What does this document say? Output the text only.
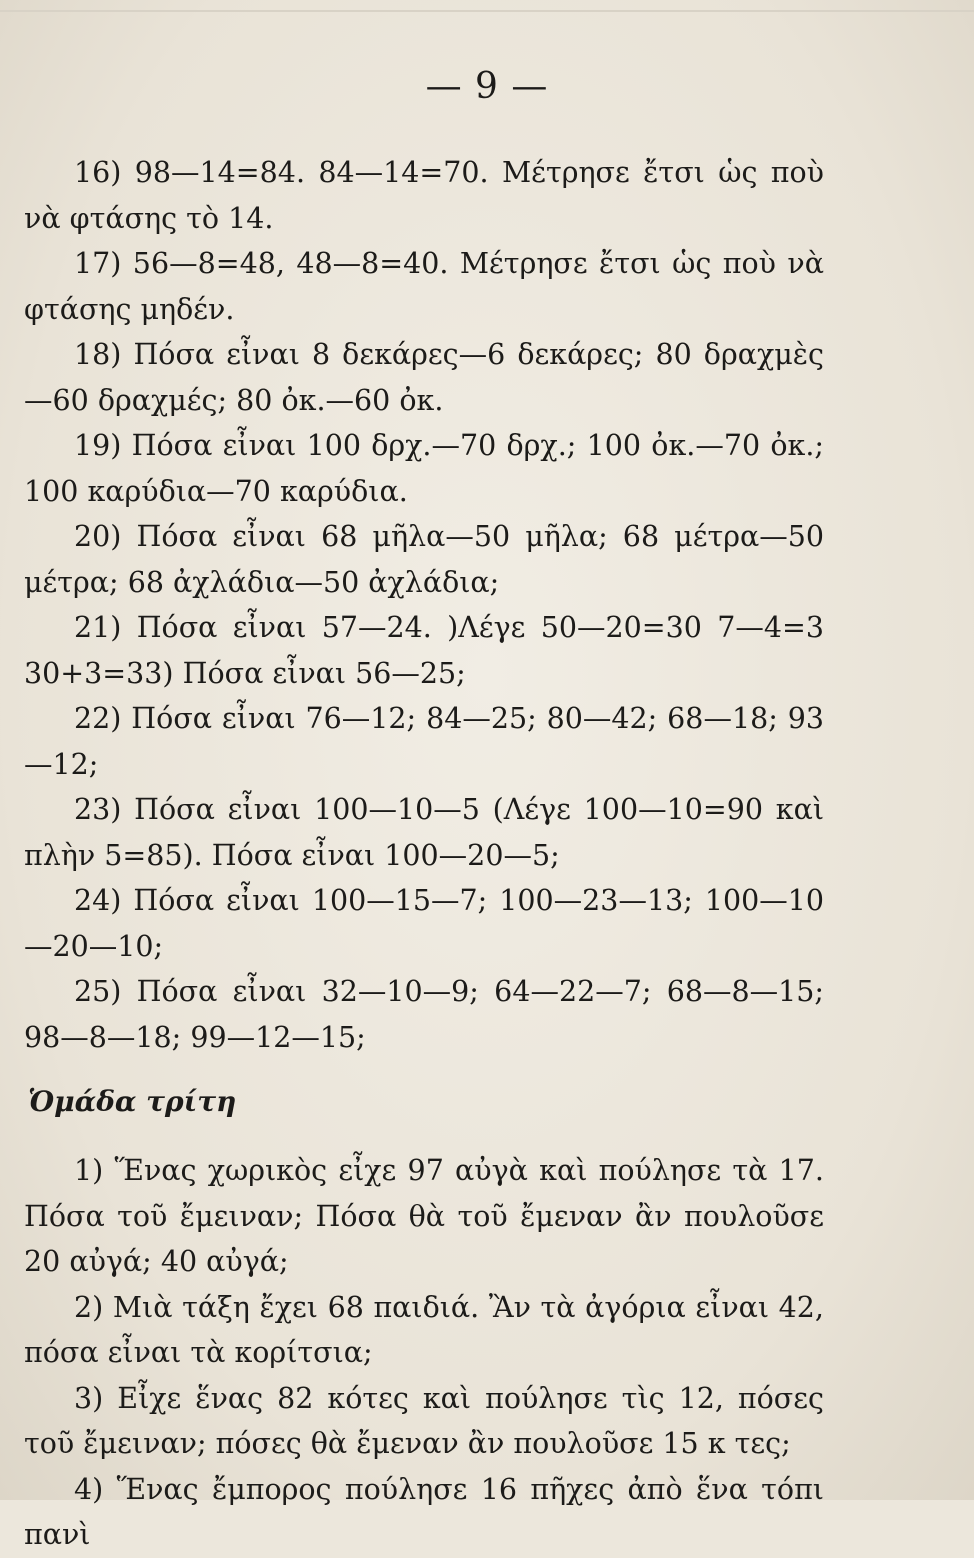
— 9 —

16) 98—14=84. 84—14=70. Μέτρησε ἔτσι ὡς ποὺ νὰ φτάσης τὸ 14.

17) 56—8=48, 48—8=40. Μέτρησε ἔτσι ὡς ποὺ νὰ φτάσης μηδέν.

18) Πόσα εἶναι 8 δεκάρες—6 δεκάρες; 80 δραχμὲς—60 δραχμές; 80 ὀκ.—60 ὀκ.

19) Πόσα εἶναι 100 δρχ.—70 δρχ.; 100 ὀκ.—70 ὀκ.; 100 καρύδια—70 καρύδια.

20) Πόσα εἶναι 68 μῆλα—50 μῆλα; 68 μέτρα—50 μέτρα; 68 ἀχλάδια—50 ἀχλάδια;

21) Πόσα εἶναι 57—24. )Λέγε 50—20=30 7—4=3 30+3=33) Πόσα εἶναι 56—25;

22) Πόσα εἶναι 76—12; 84—25; 80—42; 68—18; 93—12;

23) Πόσα εἶναι 100—10—5 (Λέγε 100—10=90 καὶ πλὴν 5=85). Πόσα εἶναι 100—20—5;

24) Πόσα εἶναι 100—15—7; 100—23—13; 100—10—20—10;

25) Πόσα εἶναι 32—10—9; 64—22—7; 68—8—15; 98—8—18; 99—12—15;

Ὁμάδα τρίτη

1) Ἕνας χωρικὸς εἶχε 97 αὐγὰ καὶ πούλησε τὰ 17. Πόσα τοῦ ἔμειναν; Πόσα θὰ τοῦ ἔμεναν ἂν πουλοῦσε 20 αὐγά; 40 αὐγά;

2) Μιὰ τάξη ἔχει 68 παιδιά. Ἂν τὰ ἀγόρια εἶναι 42, πόσα εἶναι τὰ κορίτσια;

3) Εἶχε ἕνας 82 κότες καὶ πούλησε τὶς 12, πόσες τοῦ ἔμειναν; πόσες θὰ ἔμεναν ἂν πουλοῦσε 15 κ τες;

4) Ἕνας ἔμπορος πούλησε 16 πῆχες ἀπὸ ἕνα τόπι πανὶ
